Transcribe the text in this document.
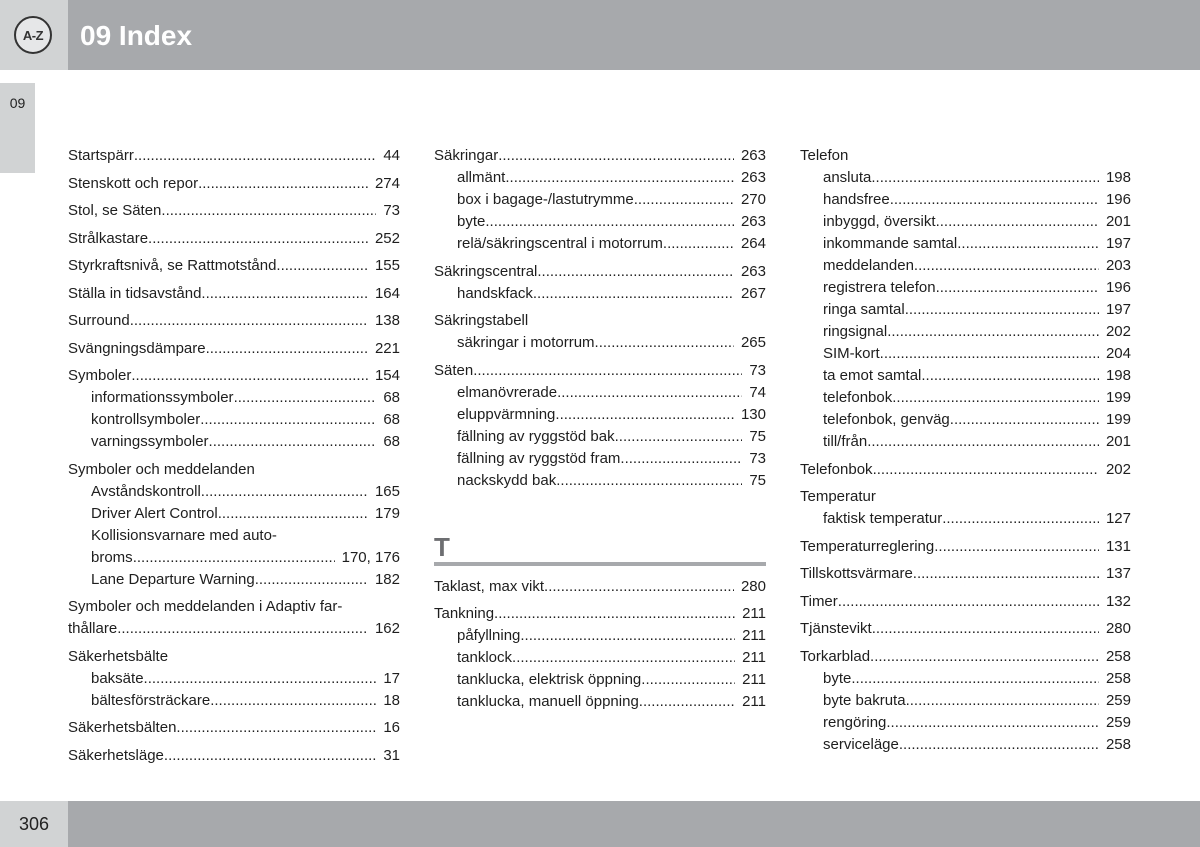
A-Z	09 Index
09
Startspärr .....	44
Stenskott och repor .....	274
Stol, se Säten .....	73
Strålkastare .....	252
Styrkraftsnivå, se Rattmotstånd .....	155
Ställa in tidsavstånd .....	164
Surround .....	138
Svängningsdämpare .....	221
Symboler .....	154
informationssymboler .....	68
kontrollsymboler .....	68
varningssymboler .....	68
Symboler och meddelanden
Avståndskontroll .....	165
Driver Alert Control .....	179
Kollisionsvarnare med auto-
broms .....	170, 176
Lane Departure Warning .....	182
Symboler och meddelanden i Adaptiv far-
thållare .....	162
Säkerhetsbälte
baksäte .....	17
bältesförsträckare .....	18
Säkerhetsbälten .....	16
Säkerhetsläge .....	31
Säkringar .....	263
allmänt .....	263
box i bagage-/lastutrymme .....	270
byte .....	263
relä/säkringscentral i motorrum .....	264
Säkringscentral .....	263
handskfack .....	267
Säkringstabell
säkringar i motorrum .....	265
Säten .....	73
elmanövrerade .....	74
eluppvärmning .....	130
fällning av ryggstöd bak .....	75
fällning av ryggstöd fram .....	73
nackskydd bak .....	75
T
Taklast, max vikt .....	280
Tankning .....	211
påfyllning .....	211
tanklock .....	211
tanklucka, elektrisk öppning .....	211
tanklucka, manuell öppning .....	211
Telefon
ansluta .....	198
handsfree .....	196
inbyggd, översikt .....	201
inkommande samtal .....	197
meddelanden .....	203
registrera telefon .....	196
ringa samtal .....	197
ringsignal .....	202
SIM-kort .....	204
ta emot samtal .....	198
telefonbok .....	199
telefonbok, genväg .....	199
till/från .....	201
Telefonbok .....	202
Temperatur
faktisk temperatur .....	127
Temperaturreglering .....	131
Tillskottsvärmare .....	137
Timer .....	132
Tjänstevikt .....	280
Torkarblad .....	258
byte .....	258
byte bakruta .....	259
rengöring .....	259
serviceläge .....	258
306
